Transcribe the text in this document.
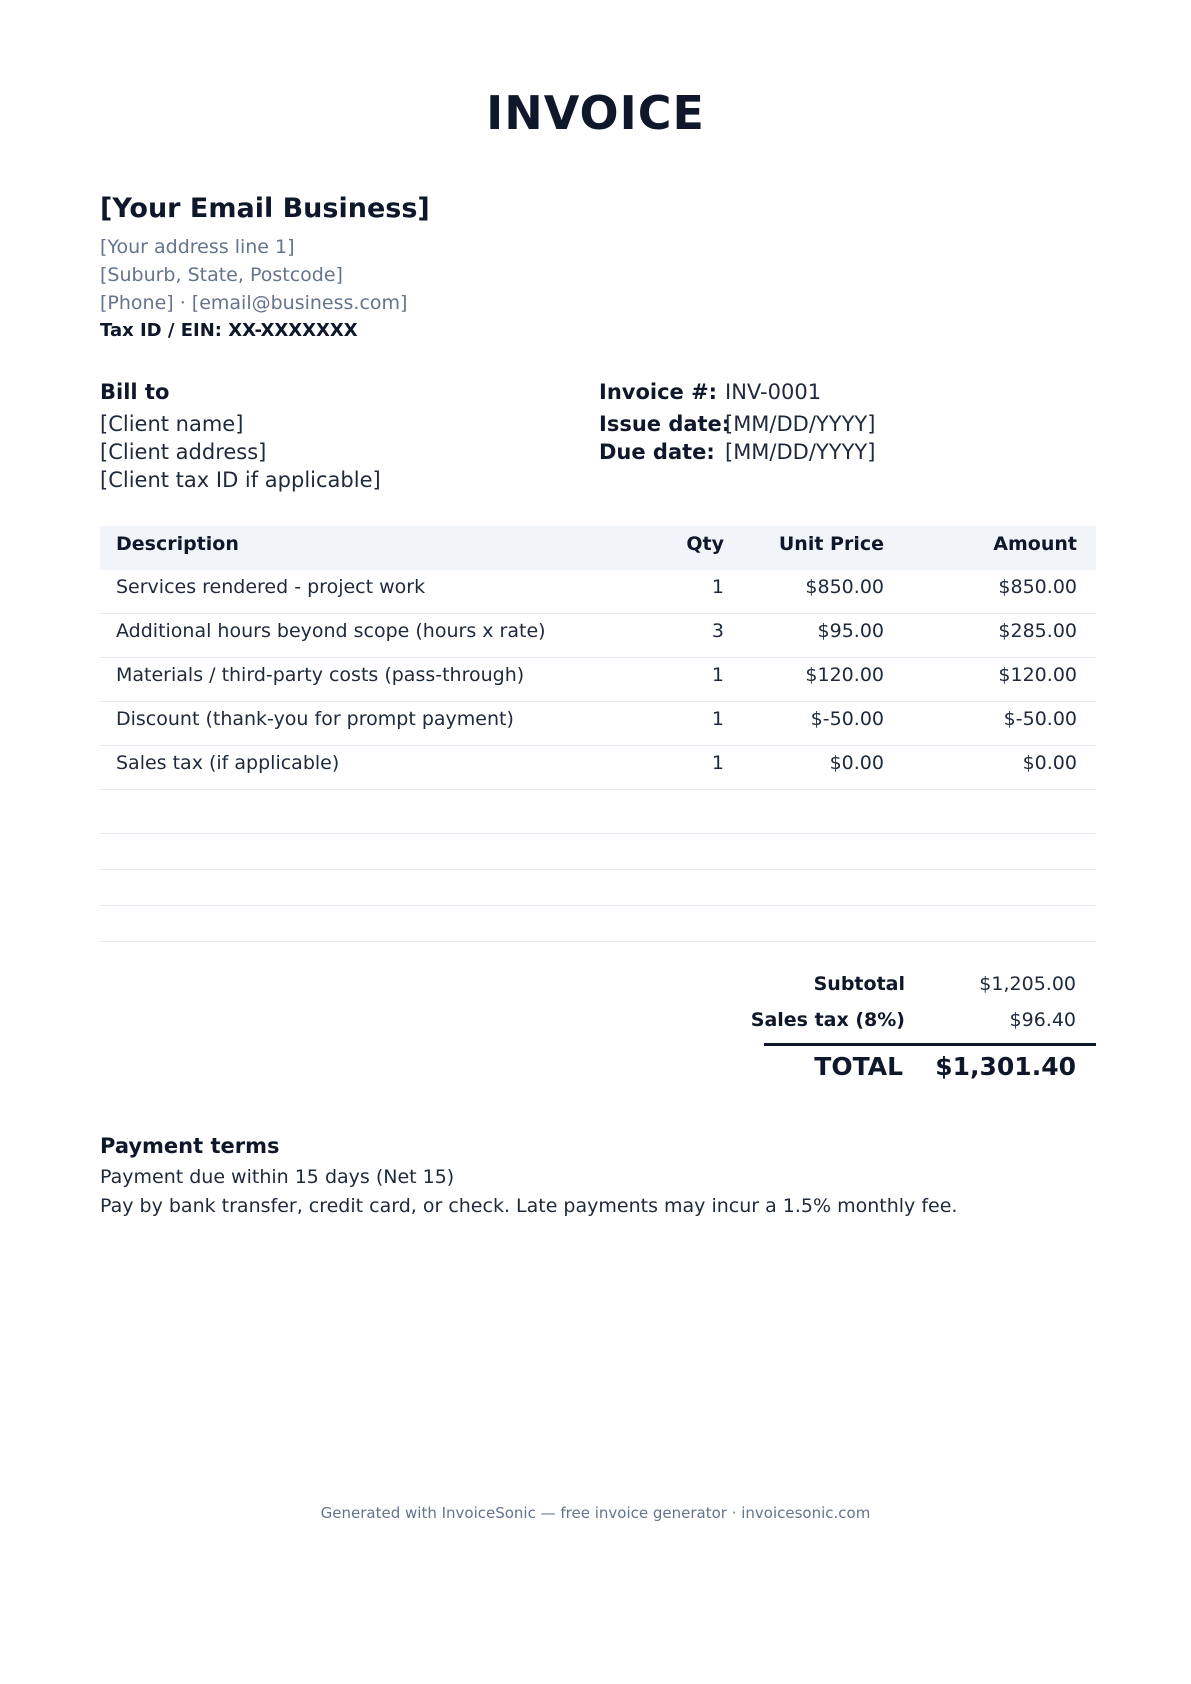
INVOICE
[Your Email Business]
[Your address line 1]
[Suburb, State, Postcode]
[Phone] · [email@business.com]
Tax ID / EIN: XX-XXXXXXX
Bill to
[Client name]
[Client address]
[Client tax ID if applicable]
Invoice #: INV-0001
Issue date:
[MM/DD/YYYY]
Due date: [MM/DD/YYYY]
Description	Qty	Unit Price	Amount
Services rendered - project work	1	$850.00	$850.00
Additional hours beyond scope (hours x rate)	3	$95.00	$285.00
Materials / third-party costs (pass-through)	1	$120.00	$120.00
Discount (thank-you for prompt payment)	1	$-50.00	$-50.00
Sales tax (if applicable)	1	$0.00	$0.00
Subtotal	$1,205.00
Sales tax (8%)	$96.40
TOTAL $1,301.40
Payment terms
Payment due within 15 days (Net 15)
Pay by bank transfer, credit card, or check. Late payments may incur a 1.5% monthly fee.
Generated with InvoiceSonic — free invoice generator · invoicesonic.com
